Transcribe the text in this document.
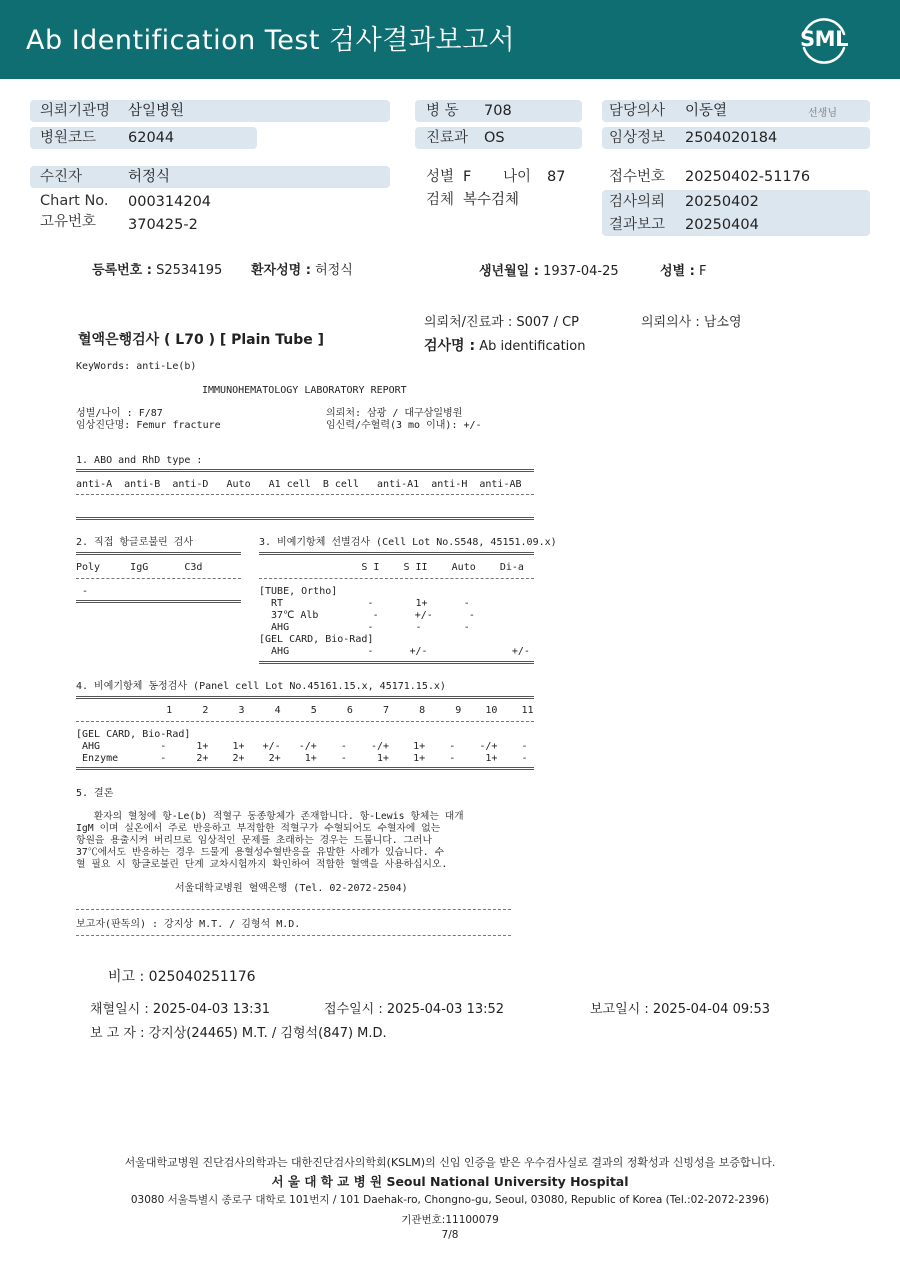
Ab Identification Test 검사결과보고서	SML
의뢰기관명 삼일병원
병원코드 62044
병 동 708
진료과 OS
담당의사 이동열	선생님
임상정보 2504020184
수진자	허정식
Chart No. 000314204
고유번호 370425-2
성별 F 나이 87
검체 복수검체
접수번호 20250402-51176
검사의뢰 20250402
결과보고 20250404
등록번호 : S2534195 환자성명 : 허정식	생년월일 : 1937-04-25	성별 : F
의뢰처/진료과 : S007 / CP	의뢰의사 : 남소영
혈액은행검사 ( L70 ) [ Plain Tube ]	검사명 : Ab identification
KeyWords: anti-Le(b)
IMMUNOHEMATOLOGY LABORATORY REPORT
성별/나이 : F/87
임상진단명: Femur fracture
의뢰처: 삼광 / 대구삼일병원
임신력/수혈력(3 mo 이내): +/-
1. ABO and RhD type :
anti-A  anti-B  anti-D   Auto   A1 cell  B cell   anti-A1  anti-H  anti-AB
2. 직접 항글로불린 검사
Poly     IgG      C3d
-
3. 비예기항체 선별검사 (Cell Lot No.S548, 45151.09.x)
S I    S II    Auto    Di-a
[TUBE, Ortho]
RT              -       1+      -
37℃ Alb         -      +/-      -
AHG             -       -       -
[GEL CARD, Bio-Rad]
AHG             -      +/-              +/-
4. 비예기항체 동정검사 (Panel cell Lot No.45161.15.x, 45171.15.x)
1     2     3     4     5     6     7     8     9    10    11
[GEL CARD, Bio-Rad]
AHG          -     1+    1+   +/-   -/+    -    -/+    1+    -    -/+    -
Enzyme       -     2+    2+    2+    1+    -     1+    1+    -     1+    -
5. 결론
환자의 혈청에 항-Le(b) 적혈구 동종항체가 존재합니다. 항-Lewis 항체는 대개
IgM 이며 실온에서 주로 반응하고 부적합한 적혈구가 수혈되어도 수혈자에 없는
항원을 용출시켜 버리므로 임상적인 문제를 초래하는 경우는 드뭅니다. 그러나
37℃에서도 반응하는 경우 드물게 용혈성수혈반응을 유발한 사례가 있습니다. 수
혈 필요 시 항글로불린 단계 교차시험까지 확인하여 적합한 혈액을 사용하십시오.
서울대학교병원 혈액은행 (Tel. 02-2072-2504)
보고자(판독의) : 강지상 M.T. / 김형석 M.D.
비고 : 025040251176
채혈일시 : 2025-04-03 13:31	접수일시 : 2025-04-03 13:52	보고일시 : 2025-04-04 09:53
보 고 자 : 강지상(24465) M.T. / 김형석(847) M.D.
서울대학교병원 진단검사의학과는 대한진단검사의학회(KSLM)의 신임 인증을 받은 우수검사실로 결과의 정확성과 신빙성을 보증합니다.
서 울 대 학 교 병 원 Seoul National University Hospital
03080 서울특별시 종로구 대학로 101번지 / 101 Daehak-ro, Chongno-gu, Seoul, 03080, Republic of Korea (Tel.:02-2072-2396)
기관번호:11100079
7/8
